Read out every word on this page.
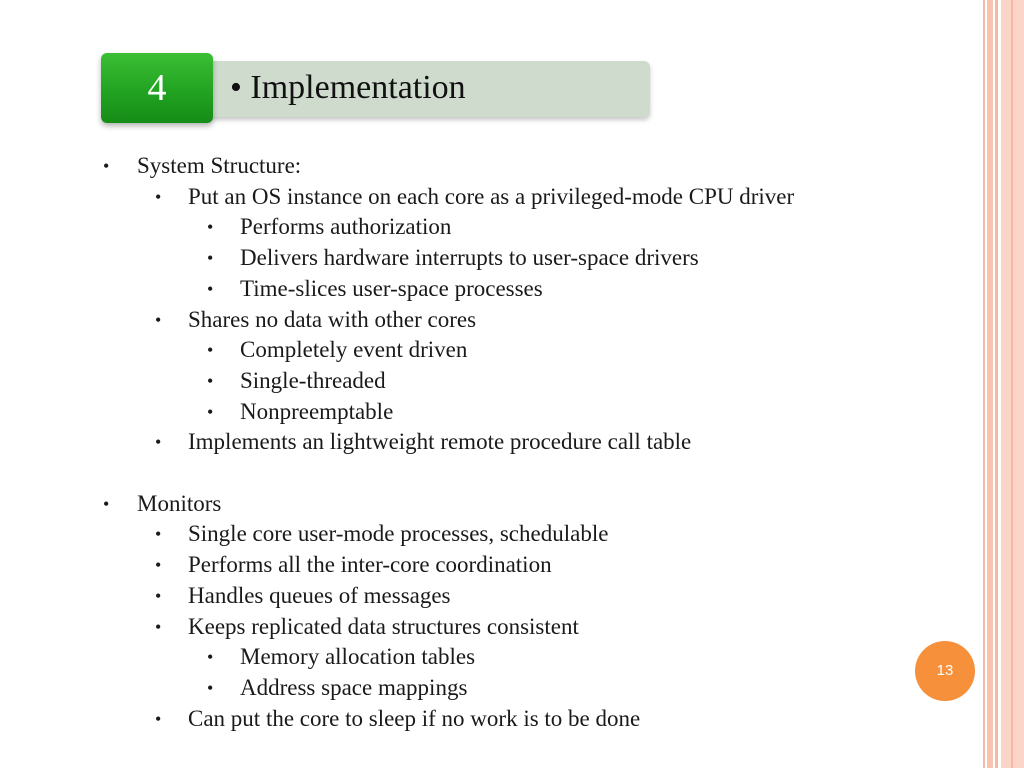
• Implementation
4
• System Structure:
• Put an OS instance on each core as a privileged-mode CPU driver
• Performs authorization
• Delivers hardware interrupts to user-space drivers
• Time-slices user-space processes
• Shares no data with other cores
• Completely event driven
• Single-threaded
• Nonpreemptable
• Implements an lightweight remote procedure call table
• Monitors
• Single core user-mode processes, schedulable
• Performs all the inter-core coordination
• Handles queues of messages
• Keeps replicated data structures consistent
• Memory allocation tables
• Address space mappings
• Can put the core to sleep if no work is to be done
13
